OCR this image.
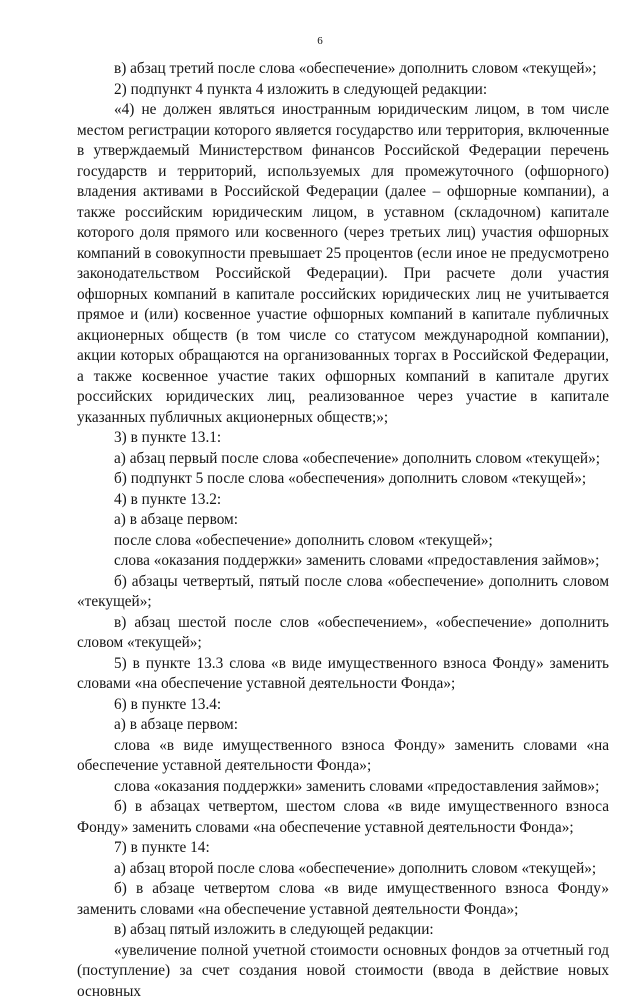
6

в) абзац третий после слова «обеспечение» дополнить словом «текущей»;

2) подпункт 4 пункта 4 изложить в следующей редакции:

«4) не должен являться иностранным юридическим лицом, в том числе местом регистрации которого является государство или территория, включенные в утверждаемый Министерством финансов Российской Федерации перечень государств и территорий, используемых для промежуточного (офшорного) владения активами в Российской Федерации (далее – офшорные компании), а также российским юридическим лицом, в уставном (складочном) капитале которого доля прямого или косвенного (через третьих лиц) участия офшорных компаний в совокупности превышает 25 процентов (если иное не предусмотрено законодательством Российской Федерации). При расчете доли участия офшорных компаний в капитале российских юридических лиц не учитывается прямое и (или) косвенное участие офшорных компаний в капитале публичных акционерных обществ (в том числе со статусом международной компании), акции которых обращаются на организованных торгах в Российской Федерации, а также косвенное участие таких офшорных компаний в капитале других российских юридических лиц, реализованное через участие в капитале указанных публичных акционерных обществ;»;

3) в пункте 13.1:

а) абзац первый после слова «обеспечение» дополнить словом «текущей»;

б) подпункт 5 после слова «обеспечения» дополнить словом «текущей»;

4) в пункте 13.2:

а) в абзаце первом:

после слова «обеспечение» дополнить словом «текущей»;

слова «оказания поддержки» заменить словами «предоставления займов»;

б) абзацы четвертый, пятый после слова «обеспечение» дополнить словом «текущей»;

в) абзац шестой после слов «обеспечением», «обеспечение» дополнить словом «текущей»;

5) в пункте 13.3 слова «в виде имущественного взноса Фонду» заменить словами «на обеспечение уставной деятельности Фонда»;

6) в пункте 13.4:

а) в абзаце первом:

слова «в виде имущественного взноса Фонду» заменить словами «на обеспечение уставной деятельности Фонда»;

слова «оказания поддержки» заменить словами «предоставления займов»;

б) в абзацах четвертом, шестом слова «в виде имущественного взноса Фонду» заменить словами «на обеспечение уставной деятельности Фонда»;

7) в пункте 14:

а) абзац второй после слова «обеспечение» дополнить словом «текущей»;

б) в абзаце четвертом слова «в виде имущественного взноса Фонду» заменить словами «на обеспечение уставной деятельности Фонда»;

в) абзац пятый изложить в следующей редакции:

«увеличение полной учетной стоимости основных фондов за отчетный год (поступление) за счет создания новой стоимости (ввода в действие новых основных
